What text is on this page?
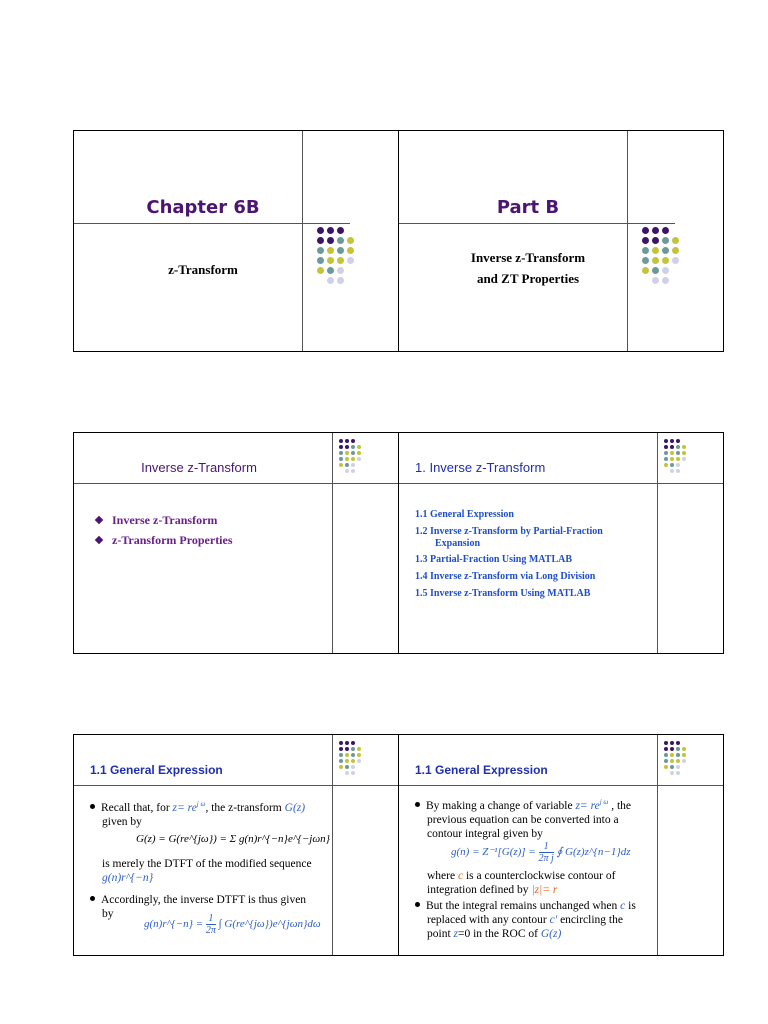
Chapter 6B
z-Transform
Part B
Inverse z-Transform
and ZT Properties
Inverse z-Transform
Inverse z-Transform
z-Transform Properties
1. Inverse z-Transform
1.1 General Expression
1.2 Inverse z-Transform by Partial-Fraction
Expansion
1.3 Partial-Fraction Using MATLAB
1.4 Inverse z-Transform via Long Division
1.5 Inverse z-Transform Using MATLAB
1.1 General Expression
Recall that, for $z= re^{j \omega}$, the z-transform G(z)
given by
G(z) = G(re^{jω}) = Σ g(n)r^{−n}e^{−jωn}
is merely the DTFT of the modified sequence
g(n)r^{−n}
Accordingly, the inverse DTFT is thus given
by
g(n)r^{−n} = $\frac{1}{2\pi}$ ∫ G(re^{jω})e^{jωn}dω
1.1 General Expression
By making a change of variable $z= re^{j \omega}$ , the
previous equation can be converted into a
contour integral given by
$g(n) = Z^{-1}[G(z)] = \frac{1}{\text{2π j}}$ ∮ G(z)z^{n−1}dz
where c is a counterclockwise contour of
integration defined by |z|= r
But the integral remains unchanged when c is
replaced with any contour c' encircling the
point z=0 in the ROC of G(z)
